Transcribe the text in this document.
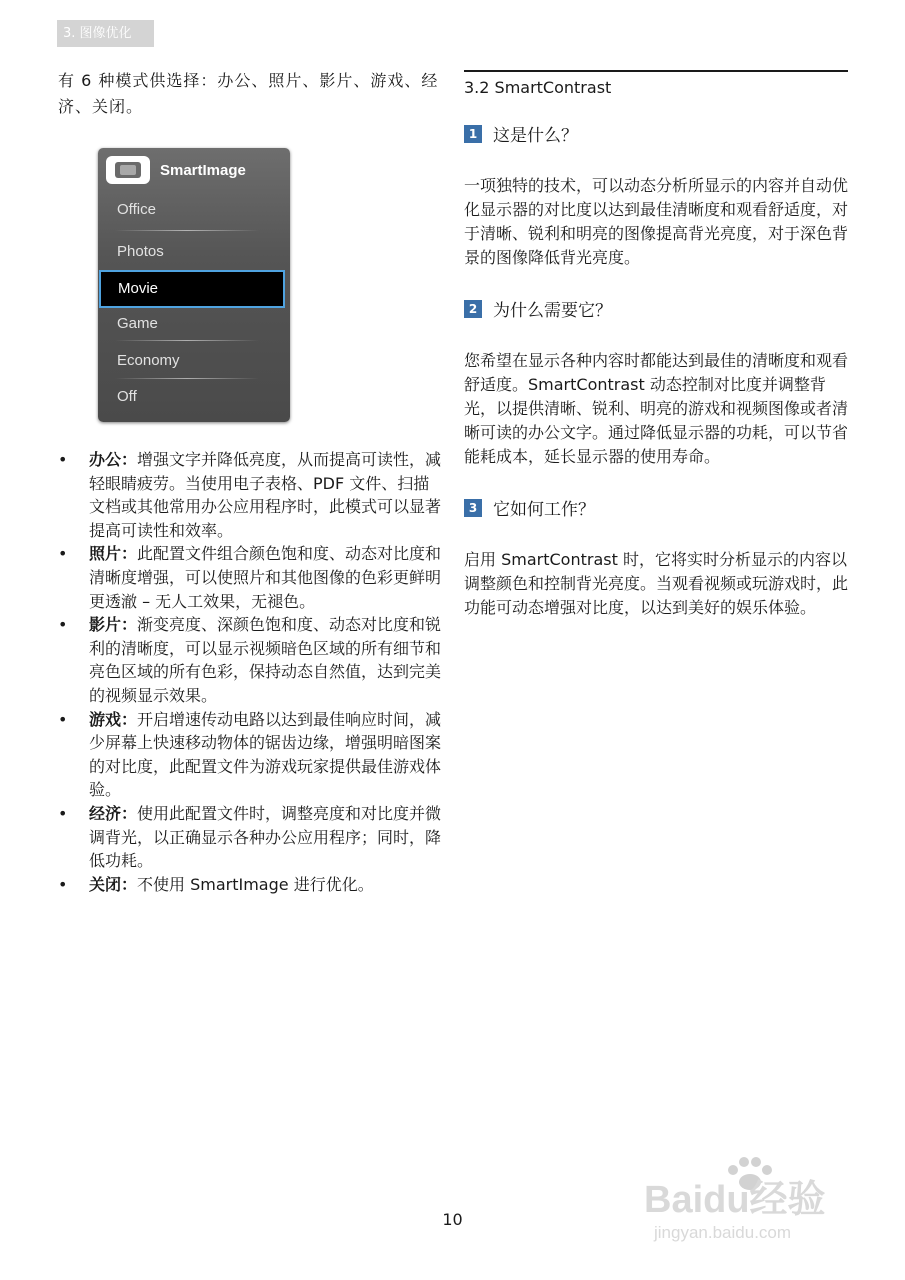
3. 图像优化

有 6 种模式供选择：办公、照片、影片、游戏、经济、关闭。

SmartImage
Office
Photos
Movie
Game
Economy
Off
• 办公：增强文字并降低亮度，从而提高可读性，减轻眼睛疲劳。当使用电子表格、PDF 文件、扫描文档或其他常用办公应用程序时，此模式可以显著提高可读性和效率。
• 照片：此配置文件组合颜色饱和度、动态对比度和清晰度增强，可以使照片和其他图像的色彩更鲜明更透澈 – 无人工效果，无褪色。
• 影片：渐变亮度、深颜色饱和度、动态对比度和锐利的清晰度，可以显示视频暗色区域的所有细节和亮色区域的所有色彩，保持动态自然值，达到完美的视频显示效果。
• 游戏：开启增速传动电路以达到最佳响应时间，减少屏幕上快速移动物体的锯齿边缘，增强明暗图案的对比度，此配置文件为游戏玩家提供最佳游戏体验。
• 经济：使用此配置文件时，调整亮度和对比度并微调背光，以正确显示各种办公应用程序；同时，降低功耗。
• 关闭：不使用 SmartImage 进行优化。
3.2 SmartContrast
1 这是什么？

一项独特的技术，可以动态分析所显示的内容并自动优化显示器的对比度以达到最佳清晰度和观看舒适度，对于清晰、锐利和明亮的图像提高背光亮度，对于深色背景的图像降低背光亮度。

2 为什么需要它？

您希望在显示各种内容时都能达到最佳的清晰度和观看舒适度。SmartContrast 动态控制对比度并调整背光，以提供清晰、锐利、明亮的游戏和视频图像或者清晰可读的办公文字。通过降低显示器的功耗，可以节省能耗成本，延长显示器的使用寿命。

3 它如何工作？

启用 SmartContrast 时，它将实时分析显示的内容以调整颜色和控制背光亮度。当观看视频或玩游戏时，此功能可动态增强对比度，以达到美好的娱乐体验。

10	Baidu经验
jingyan.baidu.com
